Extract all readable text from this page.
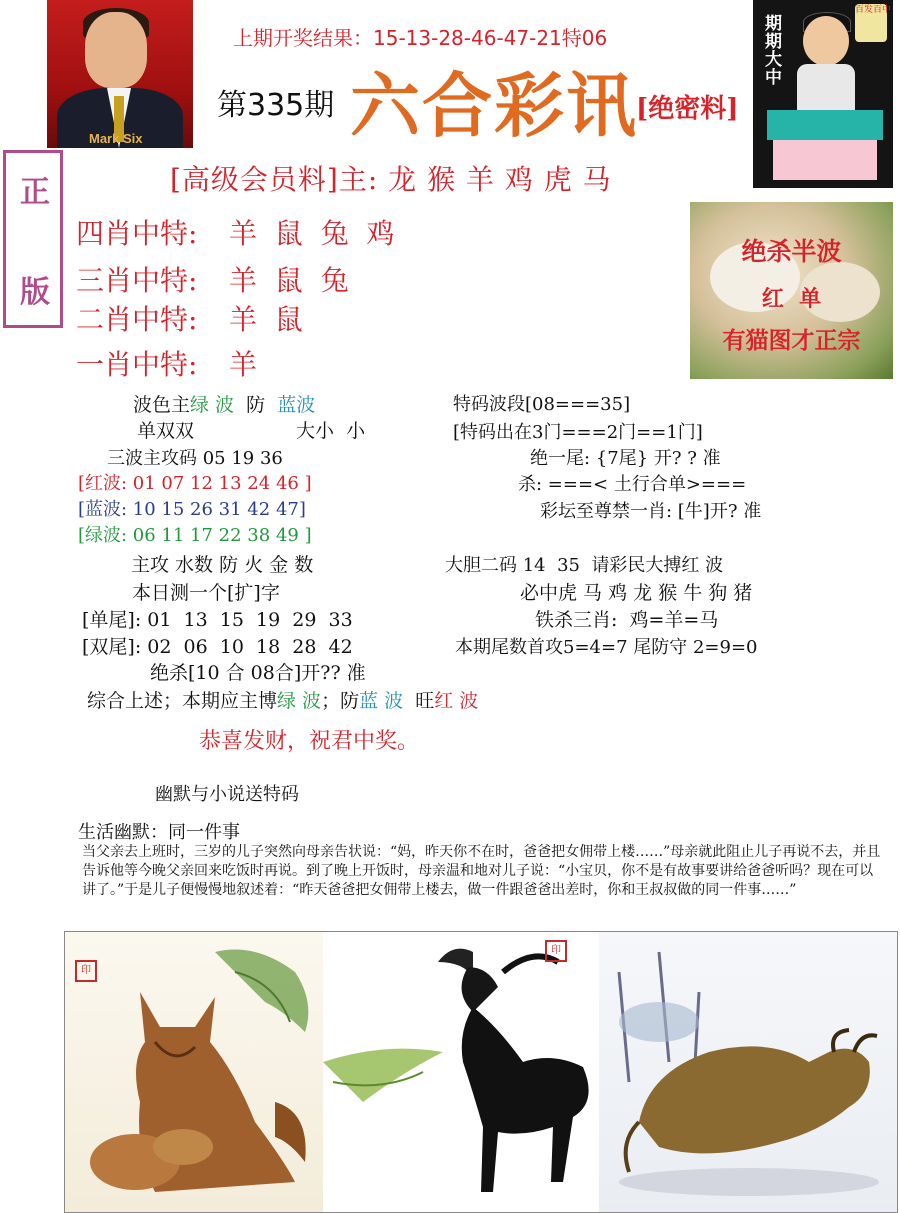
Mark Six
期期大中
百发百中
上期开奖结果：15-13-28-46-47-21特06
第335期 六合彩讯
[绝密料]
正
版
[高级会员料]主: 龙 猴 羊 鸡 虎 马
四肖中特: 羊  鼠  兔  鸡
三肖中特: 羊  鼠  兔
二肖中特: 羊  鼠
一肖中特: 羊
绝杀半波
红  单
有猫图才正宗
波色主绿 波  防  蓝波
单双双	大小  小
三波主攻码 05 19 36
[红波: 01 07 12 13 24 46 ]
[蓝波: 10 15 26 31 42 47]
[绿波: 06 11 17 22 38 49 ]
主攻 水数 防 火 金 数
本日测一个[扩]字
[单尾]: 01  13  15  19  29  33
[双尾]: 02  06  10  18  28  42
绝杀[10 合 08合]开?? 准
特码波段[08===35]
[特码出在3门===2门==1门]
绝一尾: {7尾} 开? ? 准
杀: ===< 土行合单>===
彩坛至尊禁一肖: [牛]开? 准
大胆二码 14  35  请彩民大搏红 波
必中虎 马 鸡 龙 猴 牛 狗 猪
铁杀三肖:  鸡=羊=马
本期尾数首攻5=4=7 尾防守 2=9=0
综合上述；本期应主博绿 波；防蓝 波  旺红 波
恭喜发财，祝君中奖。
幽默与小说送特码
生活幽默：同一件事
当父亲去上班时，三岁的儿子突然向母亲告状说：“妈，昨天你不在时，爸爸把女佣带上楼……”母亲就此阻止儿子再说不去，并且告诉他等今晚父亲回来吃饭时再说。到了晚上开饭时，母亲温和地对儿子说：“小宝贝，你不是有故事要讲给爸爸听吗？现在可以讲了。”于是儿子便慢慢地叙述着：“昨天爸爸把女佣带上楼去，做一件跟爸爸出差时，你和王叔叔做的同一件事……”
印
印
